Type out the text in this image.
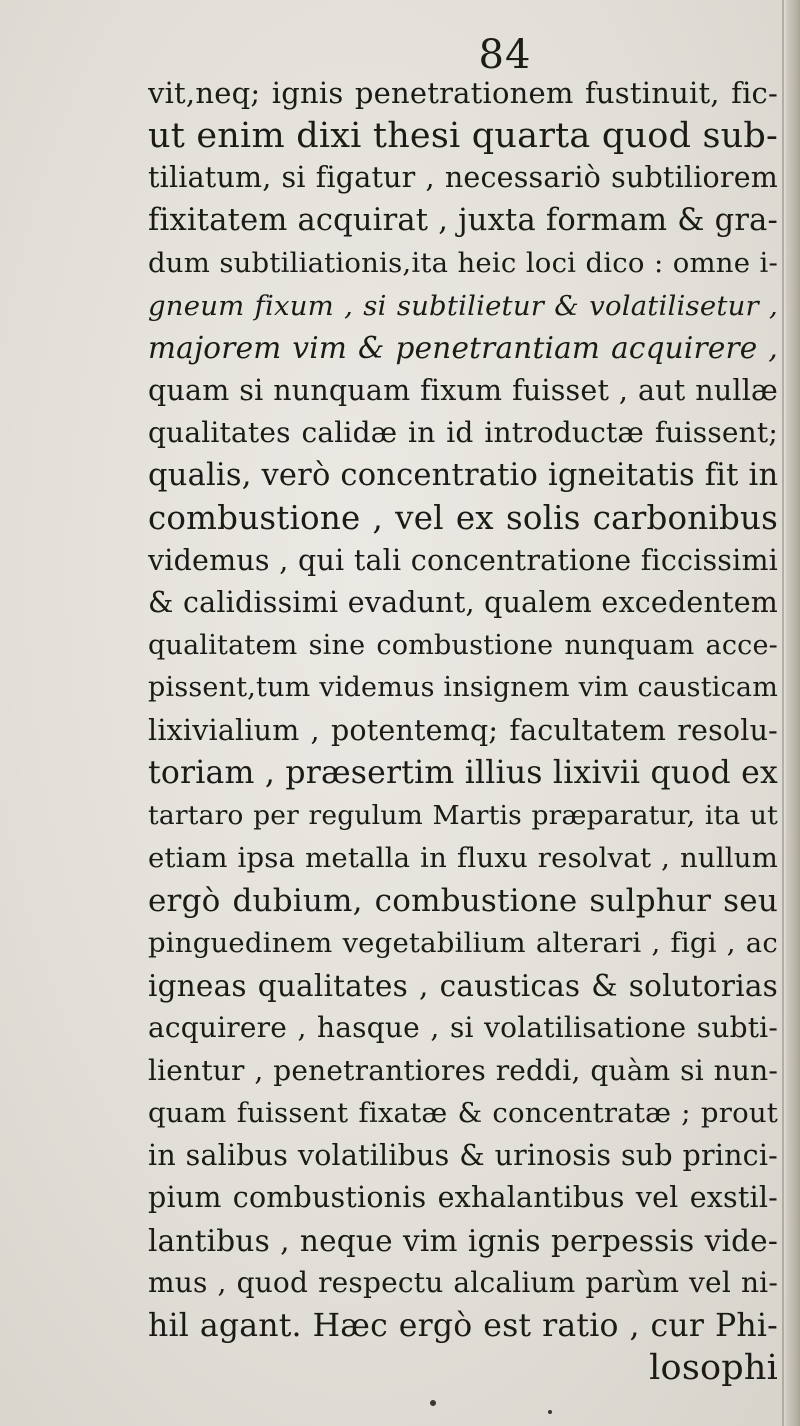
84
vit,neq; ignis penetrationem fustinuit, fic-
ut enim dixi thesi quarta quod sub-
tiliatum, si figatur , necessariò subtiliorem
fixitatem acquirat , juxta formam & gra-
dum subtiliationis,ita heic loci dico : omne i-
gneum fixum , si subtilietur & volatilisetur ,
majorem vim & penetrantiam acquirere ,
quam si nunquam fixum fuisset , aut nullæ
qualitates calidæ in id introductæ fuissent;
qualis, verò concentratio igneitatis fit in
combustione , vel ex solis carbonibus
videmus , qui tali concentratione ficcissimi
& calidissimi evadunt, qualem excedentem
qualitatem sine combustione nunquam acce-
pissent,tum videmus insignem vim causticam
lixivialium , potentemq; facultatem resolu-
toriam , præsertim illius lixivii quod ex
tartaro per regulum Martis præparatur, ita ut
etiam ipsa metalla in fluxu resolvat , nullum
ergò dubium, combustione sulphur seu
pinguedinem vegetabilium alterari , figi , ac
igneas qualitates , causticas & solutorias
acquirere , hasque , si volatilisatione subti-
lientur , penetrantiores reddi, quàm si nun-
quam fuissent fixatæ & concentratæ ; prout
in salibus volatilibus & urinosis sub princi-
pium combustionis exhalantibus vel exstil-
lantibus , neque vim ignis perpessis vide-
mus , quod respectu alcalium parùm vel ni-
hil agant. Hæc ergò est ratio , cur Phi-
losophi
